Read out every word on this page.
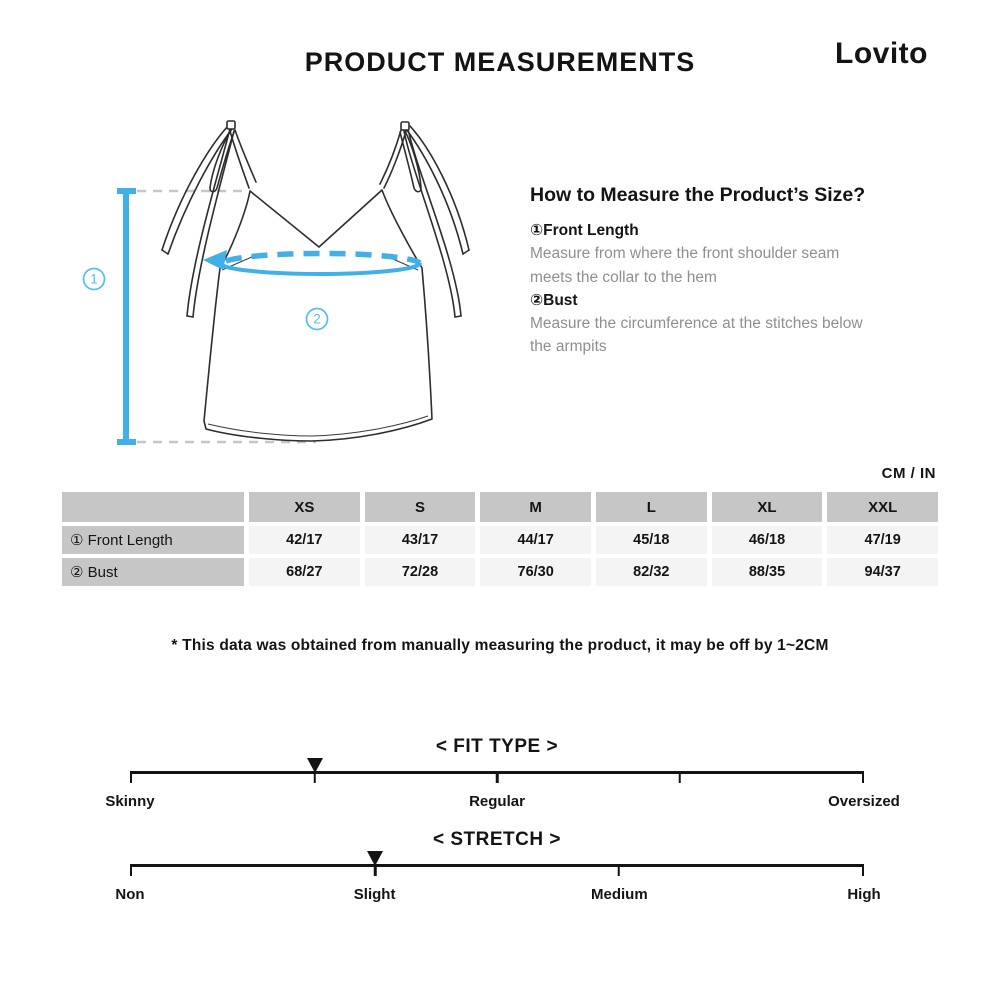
PRODUCT MEASUREMENTS	Lovito
1
2
How to Measure the Product’s Size?
①Front Length
Measure from where the front shoulder seam meets the collar to the hem
②Bust
Measure the circumference at the stitches below the armpits
CM / IN
XS	S	M	L	XL	XXL
① Front Length	42/17	43/17	44/17	45/18	46/18	47/19
② Bust	68/27	72/28	76/30	82/32	88/35	94/37
* This data was obtained from manually measuring the product, it may be off by 1~2CM
< FIT TYPE >
Skinny	Regular	Oversized
< STRETCH >
Non	Slight	Medium	High
